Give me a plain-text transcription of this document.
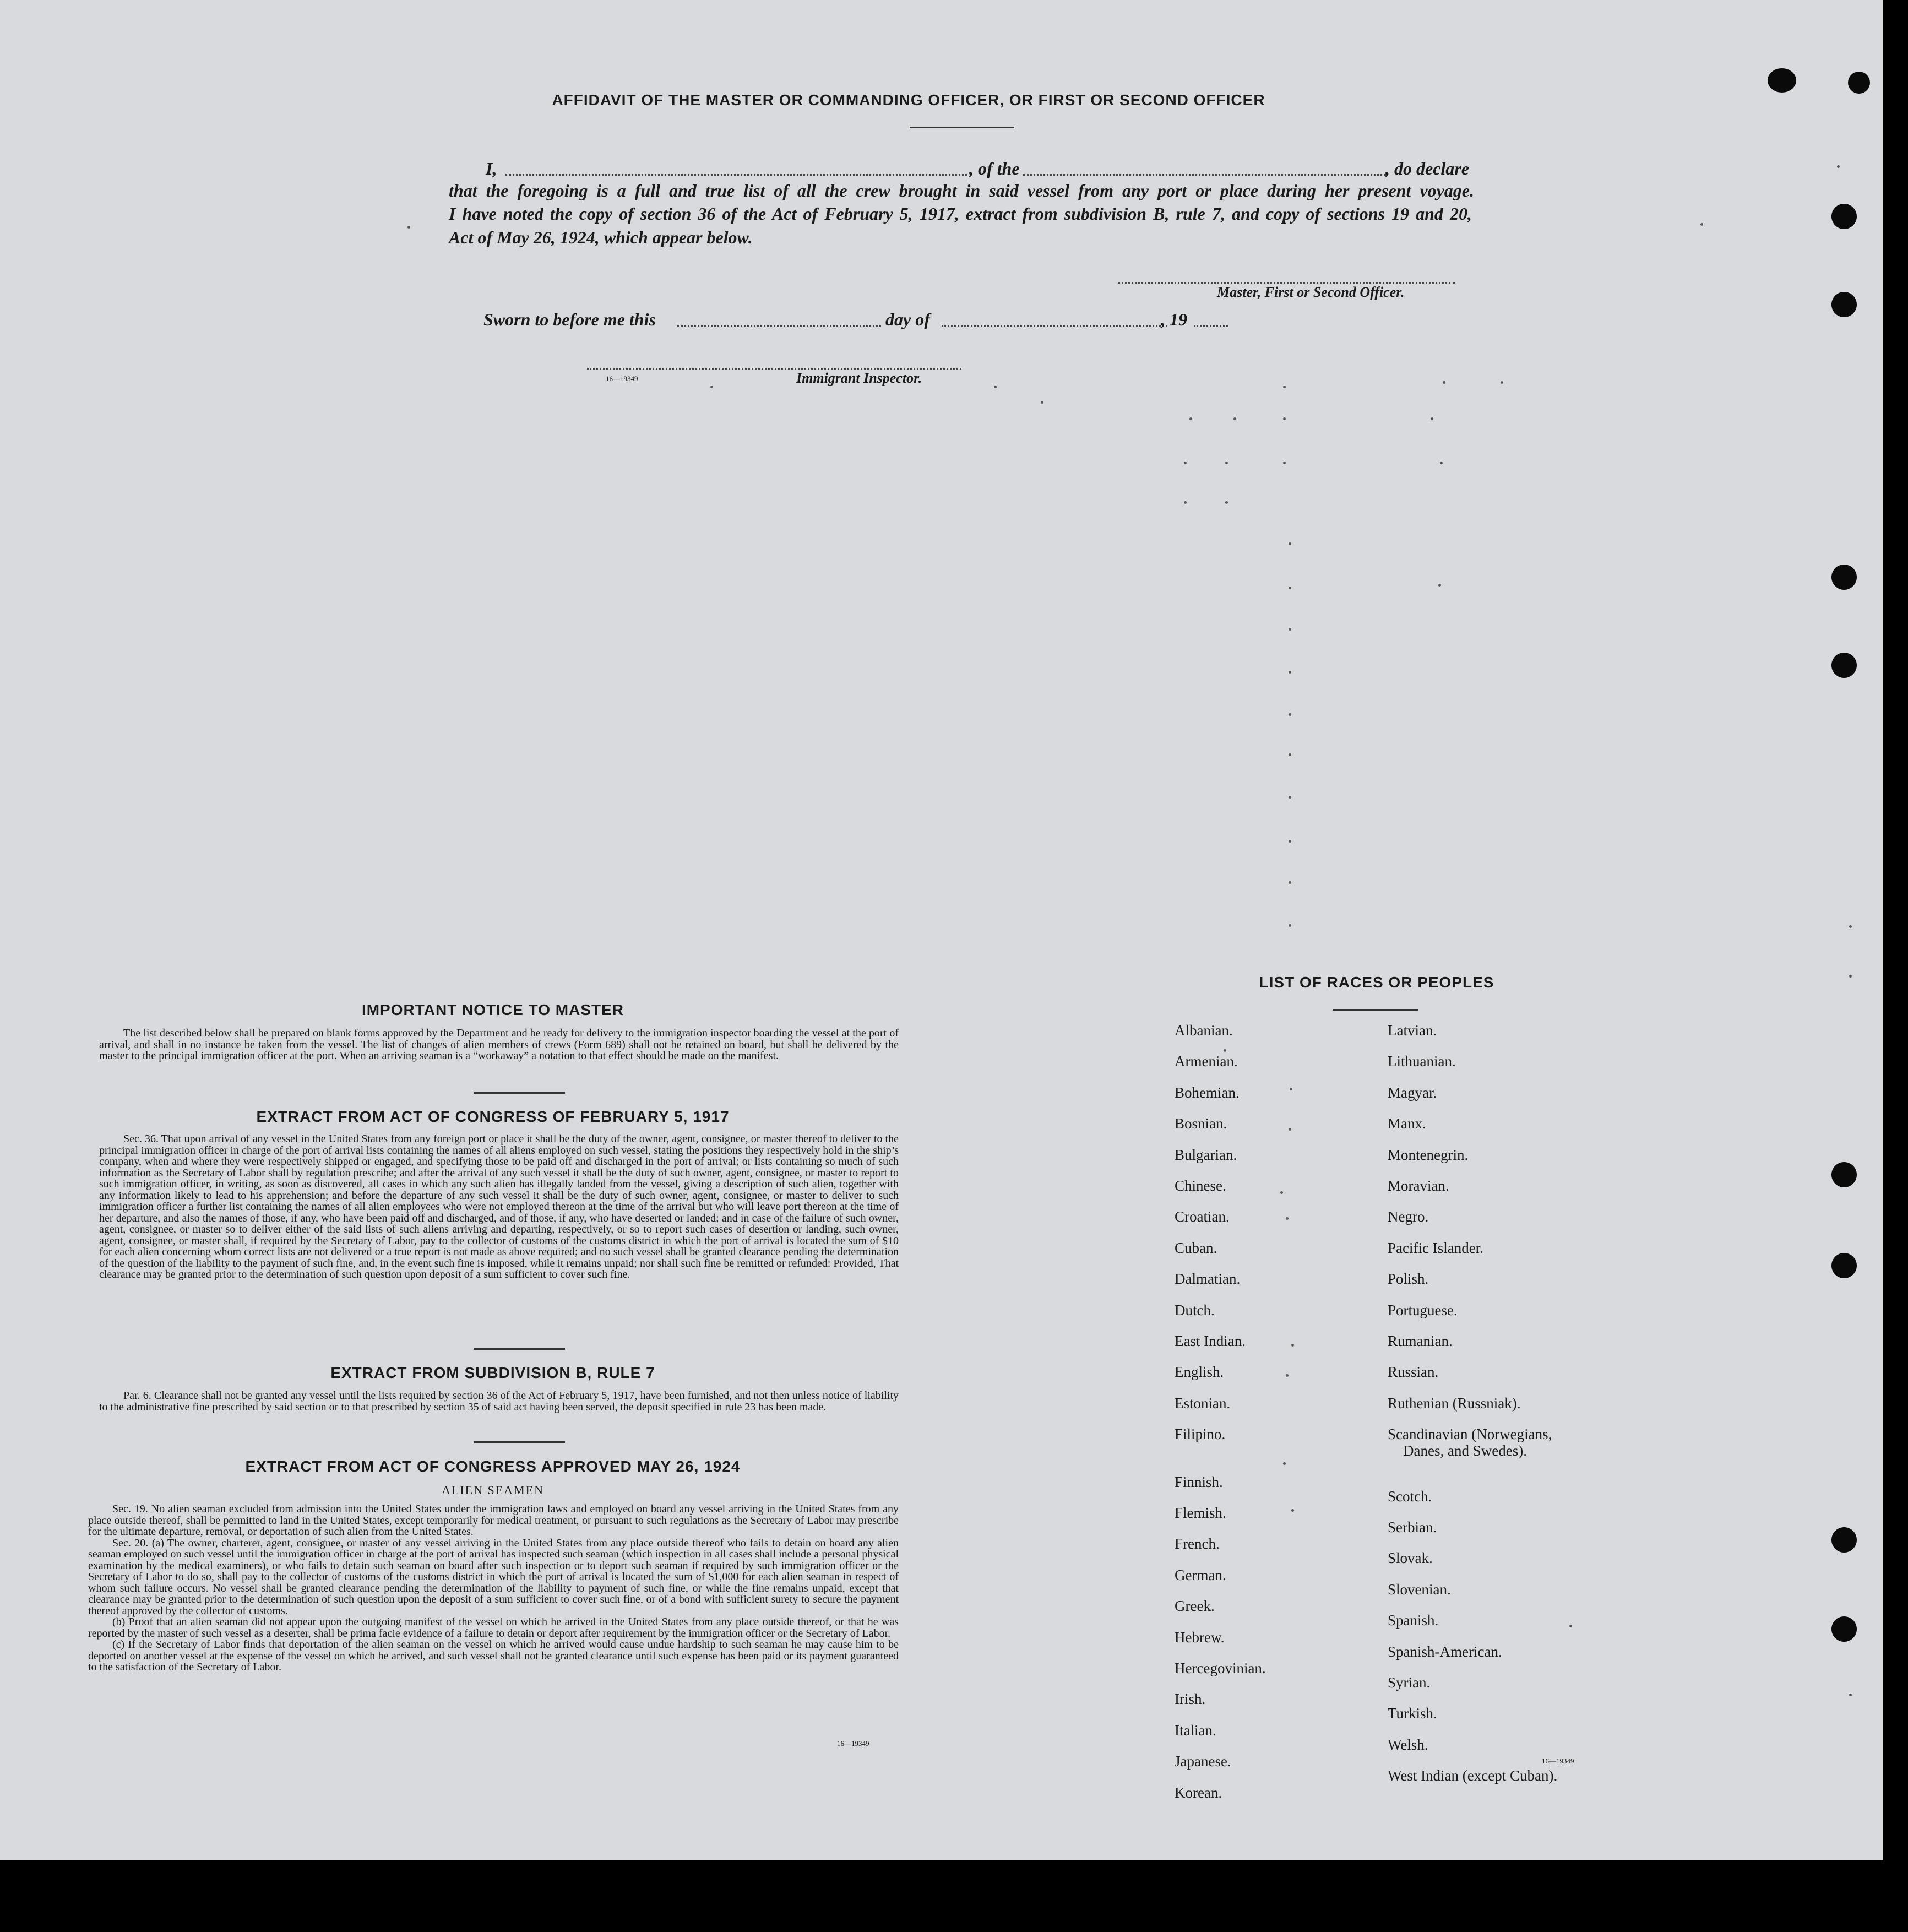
AFFIDAVIT OF THE MASTER OR COMMANDING OFFICER, OR FIRST OR SECOND OFFICER
I,	, of the	, do declare
that the foregoing is a full and true list of all the crew brought in said vessel from any port or place during her present voyage.
I have noted the copy of section 36 of the Act of February 5, 1917, extract from subdivision B, rule 7, and copy of sections 19 and 20,
Act of May 26, 1924, which appear below.
Master, First or Second Officer.
Sworn to before me this	day of	, 19
16—19349	Immigrant Inspector.
IMPORTANT NOTICE TO MASTER

The list described below shall be prepared on blank forms approved by the Department and be ready for delivery to the immigration inspector boarding the vessel at the port of arrival, and shall in no instance be taken from the vessel. The list of changes of alien members of crews (Form 689) shall not be retained on board, but shall be delivered by the master to the principal immigration officer at the port. When an arriving seaman is a “workaway” a notation to that effect should be made on the manifest.

EXTRACT FROM ACT OF CONGRESS OF FEBRUARY 5, 1917

Sec. 36. That upon arrival of any vessel in the United States from any foreign port or place it shall be the duty of the owner, agent, consignee, or master thereof to deliver to the principal immigration officer in charge of the port of arrival lists containing the names of all aliens employed on such vessel, stating the positions they respectively hold in the ship’s company, when and where they were respectively shipped or engaged, and specifying those to be paid off and discharged in the port of arrival; or lists containing so much of such information as the Secretary of Labor shall by regulation prescribe; and after the arrival of any such vessel it shall be the duty of such owner, agent, consignee, or master to report to such immigration officer, in writing, as soon as discovered, all cases in which any such alien has illegally landed from the vessel, giving a description of such alien, together with any information likely to lead to his apprehension; and before the departure of any such vessel it shall be the duty of such owner, agent, consignee, or master to deliver to such immigration officer a further list containing the names of all alien employees who were not employed thereon at the time of the arrival but who will leave port thereon at the time of her departure, and also the names of those, if any, who have been paid off and discharged, and of those, if any, who have deserted or landed; and in case of the failure of such owner, agent, consignee, or master so to deliver either of the said lists of such aliens arriving and departing, respectively, or so to report such cases of desertion or landing, such owner, agent, consignee, or master shall, if required by the Secretary of Labor, pay to the collector of customs of the customs district in which the port of arrival is located the sum of $10 for each alien concerning whom correct lists are not delivered or a true report is not made as above required; and no such vessel shall be granted clearance pending the determination of the question of the liability to the payment of such fine, and, in the event such fine is imposed, while it remains unpaid; nor shall such fine be remitted or refunded: Provided, That clearance may be granted prior to the determination of such question upon deposit of a sum sufficient to cover such fine.

EXTRACT FROM SUBDIVISION B, RULE 7

Par. 6. Clearance shall not be granted any vessel until the lists required by section 36 of the Act of February 5, 1917, have been furnished, and not then unless notice of liability to the administrative fine prescribed by said section or to that prescribed by section 35 of said act having been served, the deposit specified in rule 23 has been made.

EXTRACT FROM ACT OF CONGRESS APPROVED MAY 26, 1924
ALIEN SEAMEN

Sec. 19. No alien seaman excluded from admission into the United States under the immigration laws and employed on board any vessel arriving in the United States from any place outside thereof, shall be permitted to land in the United States, except temporarily for medical treatment, or pursuant to such regulations as the Secretary of Labor may prescribe for the ultimate departure, removal, or deportation of such alien from the United States.

Sec. 20. (a) The owner, charterer, agent, consignee, or master of any vessel arriving in the United States from any place outside thereof who fails to detain on board any alien seaman employed on such vessel until the immigration officer in charge at the port of arrival has inspected such seaman (which inspection in all cases shall include a personal physical examination by the medical examiners), or who fails to detain such seaman on board after such inspection or to deport such seaman if required by such immigration officer or the Secretary of Labor to do so, shall pay to the collector of customs of the customs district in which the port of arrival is located the sum of $1,000 for each alien seaman in respect of whom such failure occurs. No vessel shall be granted clearance pending the determination of the liability to payment of such fine, or while the fine remains unpaid, except that clearance may be granted prior to the determination of such question upon the deposit of a sum sufficient to cover such fine, or of a bond with sufficient surety to secure the payment thereof approved by the collector of customs.

(b) Proof that an alien seaman did not appear upon the outgoing manifest of the vessel on which he arrived in the United States from any place outside thereof, or that he was reported by the master of such vessel as a deserter, shall be prima facie evidence of a failure to detain or deport after requirement by the immigration officer or the Secretary of Labor.

(c) If the Secretary of Labor finds that deportation of the alien seaman on the vessel on which he arrived would cause undue hardship to such seaman he may cause him to be deported on another vessel at the expense of the vessel on which he arrived, and such vessel shall not be granted clearance until such expense has been paid or its payment guaranteed to the satisfaction of the Secretary of Labor.

16—19349
LIST OF RACES OR PEOPLES
Albanian.
Armenian.
Bohemian.
Bosnian.
Bulgarian.
Chinese.
Croatian.
Cuban.
Dalmatian.
Dutch.
East Indian.
English.
Estonian.
Filipino.
Finnish.
Flemish.
French.
German.
Greek.
Hebrew.
Hercegovinian.
Irish.
Italian.
Japanese.
Korean.
Latvian.
Lithuanian.
Magyar.
Manx.
Montenegrin.
Moravian.
Negro.
Pacific Islander.
Polish.
Portuguese.
Rumanian.
Russian.
Ruthenian (Russniak).
Scandinavian (Norwegians,
Danes, and Swedes).
Scotch.
Serbian.
Slovak.
Slovenian.
Spanish.
Spanish-American.
Syrian.
Turkish.
Welsh.
West Indian (except Cuban).
16—19349
